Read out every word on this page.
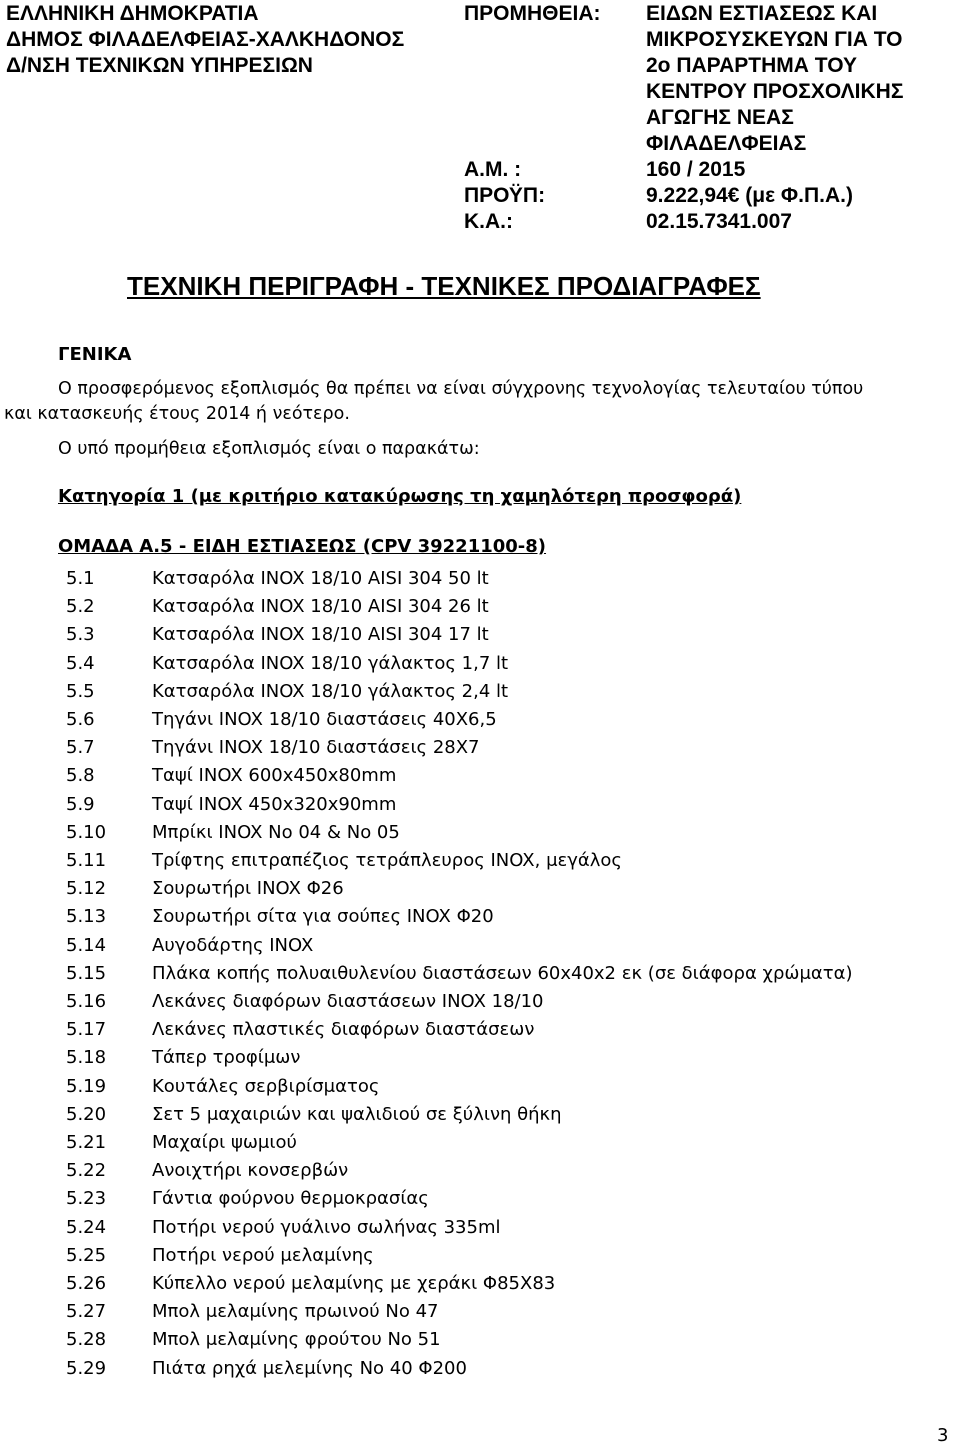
ΕΛΛΗΝΙΚΗ ΔΗΜΟΚΡΑΤΙΑ
ΔΗΜΟΣ ΦΙΛΑΔΕΛΦΕΙΑΣ-ΧΑΛΚΗΔΟΝΟΣ
Δ/ΝΣΗ ΤΕΧΝΙΚΩΝ ΥΠΗΡΕΣΙΩΝ
ΠΡΟΜΗΘΕΙΑ: ΕΙΔΩΝ ΕΣΤΙΑΣΕΩΣ ΚΑΙ
ΜΙΚΡΟΣΥΣΚΕΥΩΝ ΓΙΑ ΤΟ
2ο ΠΑΡΑΡΤΗΜΑ ΤΟΥ
ΚΕΝΤΡΟΥ ΠΡΟΣΧΟΛΙΚΗΣ
ΑΓΩΓΗΣ ΝΕΑΣ
ΦΙΛΑΔΕΛΦΕΙΑΣ
Α.Μ. :	160 / 2015
ΠΡΟΫΠ:	9.222,94€ (με Φ.Π.Α.)
Κ.Α.:	02.15.7341.007
ΤΕΧΝΙΚΗ ΠΕΡΙΓΡΑΦΗ - ΤΕΧΝΙΚΕΣ ΠΡΟΔΙΑΓΡΑΦΕΣ
ΓΕΝΙΚΑ
Ο προσφερόμενος εξοπλισμός θα πρέπει να είναι σύγχρονης τεχνολογίας τελευταίου τύπου
και κατασκευής έτους 2014 ή νεότερο.
Ο υπό προμήθεια εξοπλισμός είναι ο παρακάτω:
Κατηγορία 1 (με κριτήριο κατακύρωσης τη χαμηλότερη προσφορά)
ΟΜΑΔΑ Α.5 - ΕΙΔΗ ΕΣΤΙΑΣΕΩΣ (CPV 39221100-8)
5.1	Κατσαρόλα INOX 18/10 AISI 304 50 lt
5.2	Κατσαρόλα INOX 18/10 AISI 304 26 lt
5.3	Κατσαρόλα INOX 18/10 AISI 304 17 lt
5.4	Κατσαρόλα INOX 18/10 γάλακτος 1,7 lt
5.5	Κατσαρόλα INOX 18/10 γάλακτος 2,4 lt
5.6	Τηγάνι INOX 18/10 διαστάσεις 40X6,5
5.7	Τηγάνι INOX 18/10 διαστάσεις 28Χ7
5.8	Ταψί INOX 600x450x80mm
5.9	Ταψί INOX 450x320x90mm
5.10	Μπρίκι INOX No 04 & No 05
5.11	Τρίφτης επιτραπέζιος τετράπλευρος INOX, μεγάλος
5.12	Σουρωτήρι INOX Φ26
5.13	Σουρωτήρι σίτα για σούπες INOX Φ20
5.14	Αυγοδάρτης INOX
5.15	Πλάκα κοπής πολυαιθυλενίου διαστάσεων 60x40x2 εκ (σε διάφορα χρώματα)
5.16	Λεκάνες διαφόρων διαστάσεων INOX 18/10
5.17	Λεκάνες πλαστικές διαφόρων διαστάσεων
5.18	Τάπερ τροφίμων
5.19	Κουτάλες σερβιρίσματος
5.20	Σετ 5 μαχαιριών και ψαλιδιού σε ξύλινη θήκη
5.21	Μαχαίρι ψωμιού
5.22	Ανοιχτήρι κονσερβών
5.23	Γάντια φούρνου θερμοκρασίας
5.24	Ποτήρι νερού γυάλινο σωλήνας 335ml
5.25	Ποτήρι νερού μελαμίνης
5.26	Κύπελλο νερού μελαμίνης με χεράκι Φ85Χ83
5.27	Μπολ μελαμίνης πρωινού Νο 47
5.28	Μπολ μελαμίνης φρούτου Νο 51
5.29	Πιάτα ρηχά μελεμίνης Νο 40 Φ200
3
